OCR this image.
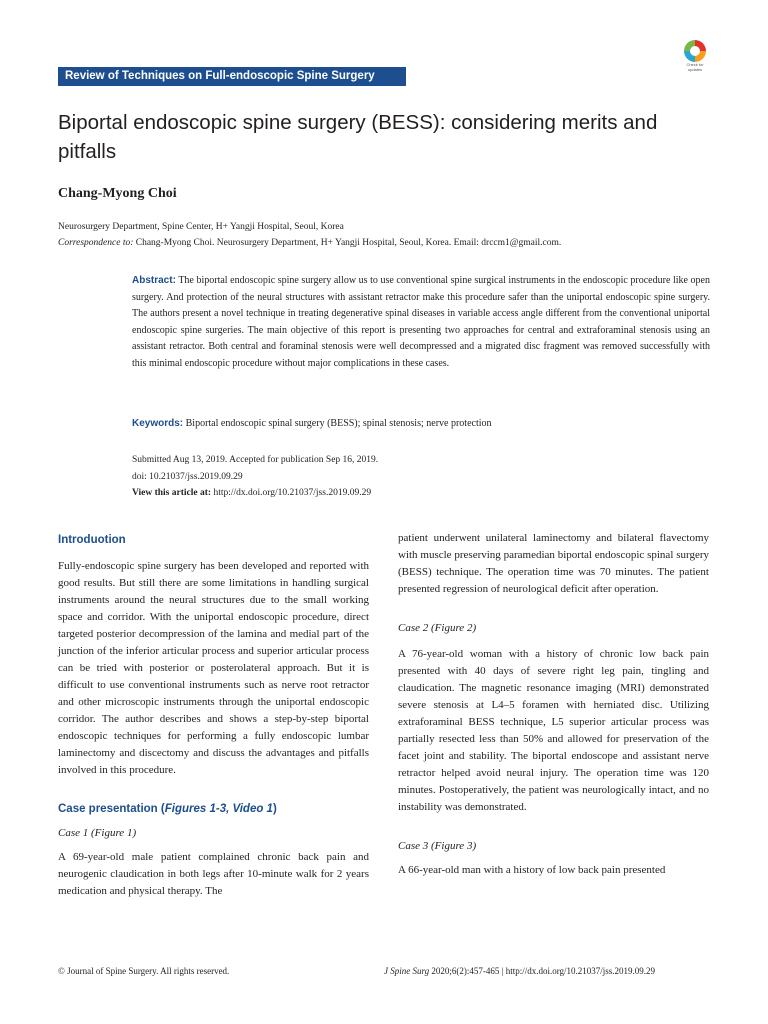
Review of Techniques on Full-endoscopic Spine Surgery
Check for updates
Biportal endoscopic spine surgery (BESS): considering merits and pitfalls

Chang-Myong Choi

Neurosurgery Department, Spine Center, H+ Yangji Hospital, Seoul, Korea

Correspondence to: Chang-Myong Choi. Neurosurgery Department, H+ Yangji Hospital, Seoul, Korea. Email: drccm1@gmail.com.

Abstract: The biportal endoscopic spine surgery allow us to use conventional spine surgical instruments in the endoscopic procedure like open surgery. And protection of the neural structures with assistant retractor make this procedure safer than the uniportal endoscopic spine surgery. The authors present a novel technique in treating degenerative spinal diseases in variable access angle different from the conventional uniportal endoscopic spine surgeries. The main objective of this report is presenting two approaches for central and extraforaminal stenosis using an assistant retractor. Both central and foraminal stenosis were well decompressed and a migrated disc fragment was removed successfully with this minimal endoscopic procedure without major complications in these cases.

Keywords: Biportal endoscopic spinal surgery (BESS); spinal stenosis; nerve protection

Submitted Aug 13, 2019. Accepted for publication Sep 16, 2019.
doi: 10.21037/jss.2019.09.29
View this article at: http://dx.doi.org/10.21037/jss.2019.09.29
Introduotion

Fully-endoscopic spine surgery has been developed and reported with good results. But still there are some limitations in handling surgical instruments around the neural structures due to the small working space and corridor. With the uniportal endoscopic procedure, direct targeted posterior decompression of the lamina and medial part of the junction of the inferior articular process and superior articular process can be tried with posterior or posterolateral approach. But it is difficult to use conventional instruments such as nerve root retractor and other microscopic instruments through the uniportal endoscopic corridor. The author describes and shows a step-by-step biportal endoscopic techniques for performing a fully endoscopic lumbar laminectomy and discectomy and discuss the advantages and pitfalls involved in this procedure.

Case presentation (Figures 1-3, Video 1)

Case 1 (Figure 1)

A 69-year-old male patient complained chronic back pain and neurogenic claudication in both legs after 10-minute walk for 2 years medication and physical therapy. The

patient underwent unilateral laminectomy and bilateral flavectomy with muscle preserving paramedian biportal endoscopic spinal surgery (BESS) technique. The operation time was 70 minutes. The patient presented regression of neurological deficit after operation.

Case 2 (Figure 2)

A 76-year-old woman with a history of chronic low back pain presented with 40 days of severe right leg pain, tingling and claudication. The magnetic resonance imaging (MRI) demonstrated severe stenosis at L4–5 foramen with herniated disc. Utilizing extraforaminal BESS technique, L5 superior articular process was partially resected less than 50% and allowed for preservation of the facet joint and stability. The biportal endoscope and assistant nerve retractor helped avoid neural injury. The operation time was 120 minutes. Postoperatively, the patient was neurologically intact, and no instability was demonstrated.

Case 3 (Figure 3)

A 66-year-old man with a history of low back pain presented

© Journal of Spine Surgery. All rights reserved.	J Spine Surg 2020;6(2):457-465 | http://dx.doi.org/10.21037/jss.2019.09.29
